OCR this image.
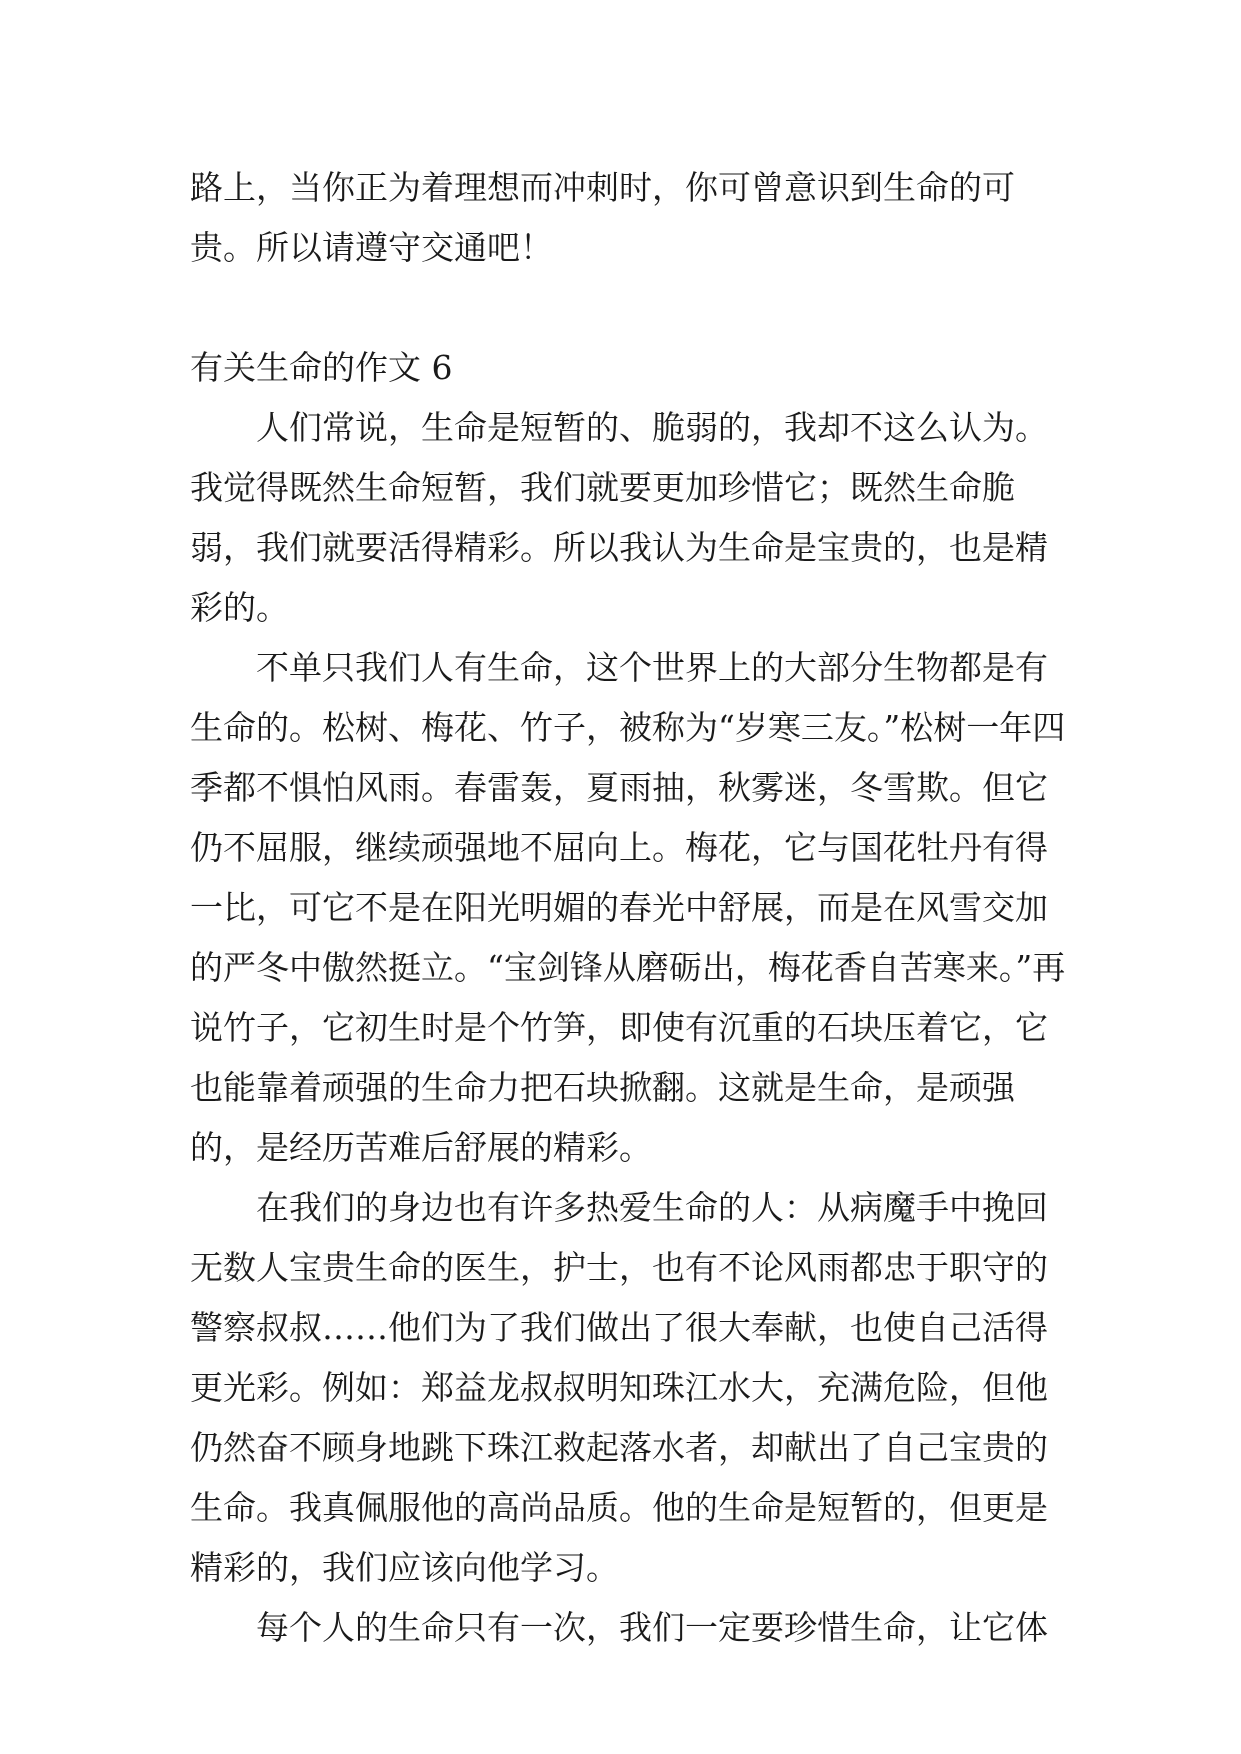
路上，当你正为着理想而冲刺时，你可曾意识到生命的可贵。所以请遵守交通吧！

有关生命的作文 6

人们常说，生命是短暂的、脆弱的，我却不这么认为。我觉得既然生命短暂，我们就要更加珍惜它；既然生命脆弱，我们就要活得精彩。所以我认为生命是宝贵的，也是精彩的。

不单只我们人有生命，这个世界上的大部分生物都是有生命的。松树、梅花、竹子，被称为“岁寒三友。”松树一年四季都不惧怕风雨。春雷轰，夏雨抽，秋雾迷，冬雪欺。但它仍不屈服，继续顽强地不屈向上。梅花，它与国花牡丹有得一比，可它不是在阳光明媚的春光中舒展，而是在风雪交加的严冬中傲然挺立。“宝剑锋从磨砺出，梅花香自苦寒来。”再说竹子，它初生时是个竹笋，即使有沉重的石块压着它，它也能靠着顽强的生命力把石块掀翻。这就是生命，是顽强的，是经历苦难后舒展的精彩。

在我们的身边也有许多热爱生命的人：从病魔手中挽回无数人宝贵生命的医生，护士，也有不论风雨都忠于职守的警察叔叔……他们为了我们做出了很大奉献，也使自己活得更光彩。例如：郑益龙叔叔明知珠江水大，充满危险，但他仍然奋不顾身地跳下珠江救起落水者，却献出了自己宝贵的生命。我真佩服他的高尚品质。他的生命是短暂的，但更是精彩的，我们应该向他学习。

每个人的生命只有一次，我们一定要珍惜生命，让它体
